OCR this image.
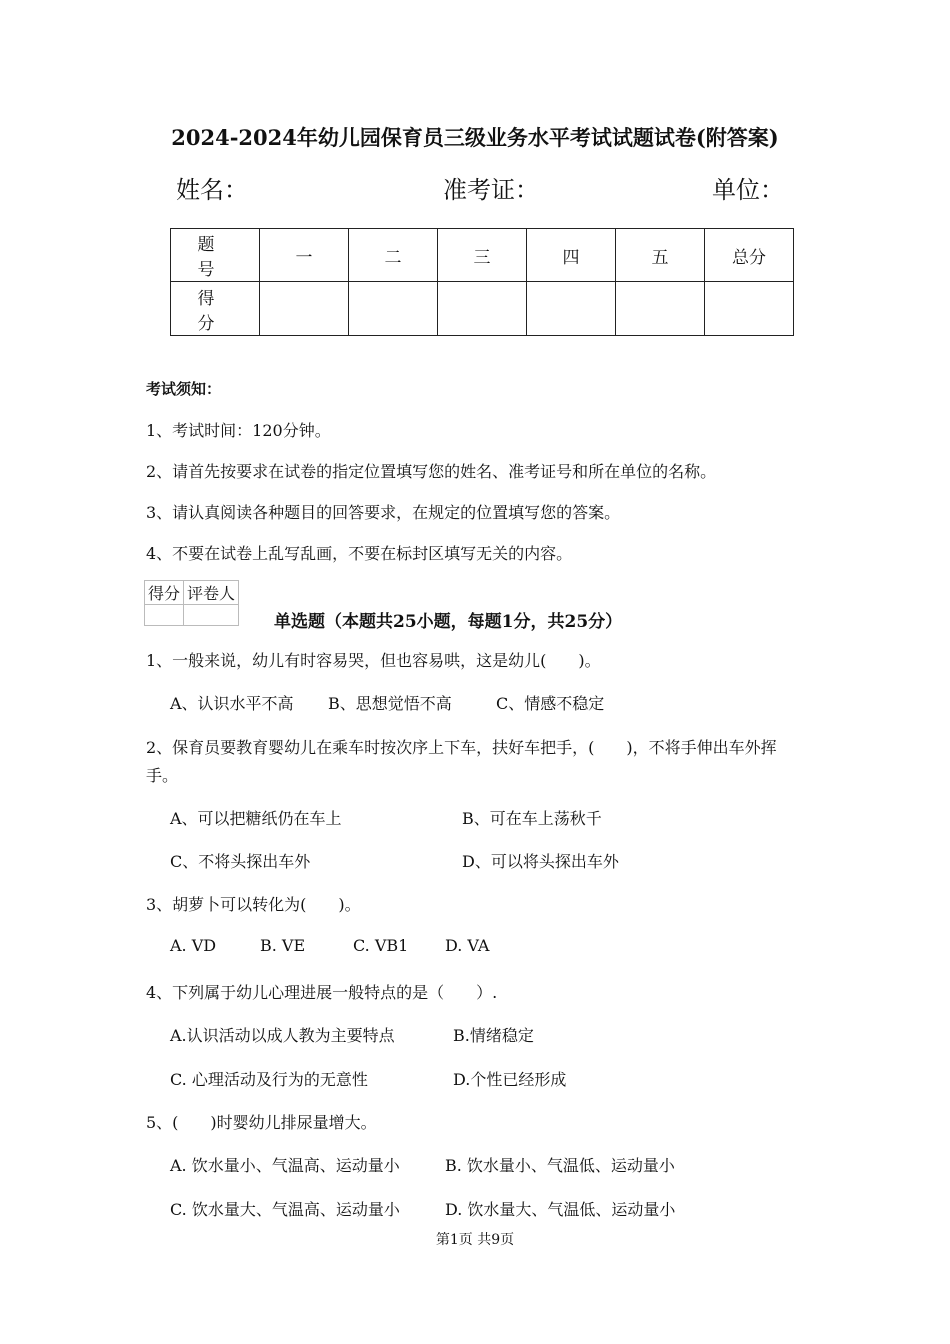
2024-2024年幼儿园保育员三级业务水平考试试题试卷(附答案)
姓名：	准考证：	单位：
题 号	一	二	三	四	五	总分
得 分						
考试须知：
1、考试时间：120分钟。
2、请首先按要求在试卷的指定位置填写您的姓名、准考证号和所在单位的名称。
3、请认真阅读各种题目的回答要求，在规定的位置填写您的答案。
4、不要在试卷上乱写乱画，不要在标封区填写无关的内容。
得分	评卷人

单选题（本题共25小题，每题1分，共25分）
1、一般来说，幼儿有时容易哭，但也容易哄，这是幼儿(　　)。
A、认识水平不高 B、思想觉悟不高	C、情感不稳定
2、保育员要教育婴幼儿在乘车时按次序上下车，扶好车把手，(　　)，不将手伸出车外挥
手。
A、可以把糖纸仍在车上	B、可在车上荡秋千
C、不将头探出车外	D、可以将头探出车外
3、胡萝卜可以转化为(　　)。
A. VD	B. VE	C. VB1 D. VA
4、下列属于幼儿心理进展一般特点的是（　　）.
A.认识活动以成人教为主要特点	B.情绪稳定
C. 心理活动及行为的无意性	D.个性已经形成
5、(　　)时婴幼儿排尿量增大。
A. 饮水量小、气温高、运动量小	B. 饮水量小、气温低、运动量小
C. 饮水量大、气温高、运动量小	D. 饮水量大、气温低、运动量小
第1页 共9页
